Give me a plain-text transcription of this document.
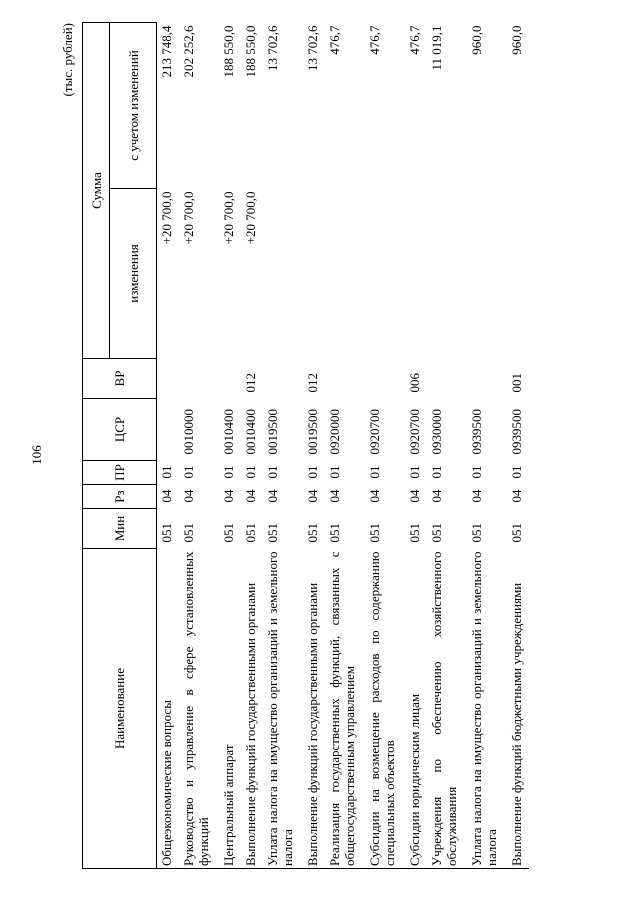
106
(тыс. рублей)
Наименование	Мин	Рз	ПР	ЦСР	ВР	Сумма	
						изменения	с учетом изменений
Общеэкономические вопросы	051	04	01			+20 700,0	213 748,4
Руководство и управление в сфере установленных функций	051	04	01	0010000		+20 700,0	202 252,6
Центральный аппарат	051	04	01	0010400		+20 700,0	188 550,0
Выполнение функций государственными органами	051	04	01	0010400	012	+20 700,0	188 550,0
Уплата налога на имущество организаций и земельного налога	051	04	01	0019500			13 702,6
Выполнение функций государственными органами	051	04	01	0019500	012		13 702,6
Реализация государственных функций, связанных с общегосударственным управлением	051	04	01	0920000			476,7
Субсидии на возмещение расходов по содержанию специальных объектов	051	04	01	0920700			476,7
Субсидии юридическим лицам	051	04	01	0920700	006		476,7
Учреждения по обеспечению хозяйственного обслуживания	051	04	01	0930000			11 019,1
Уплата налога на имущество организаций и земельного налога	051	04	01	0939500			960,0
Выполнение функций бюджетными учреждениями	051	04	01	0939500	001		960,0
